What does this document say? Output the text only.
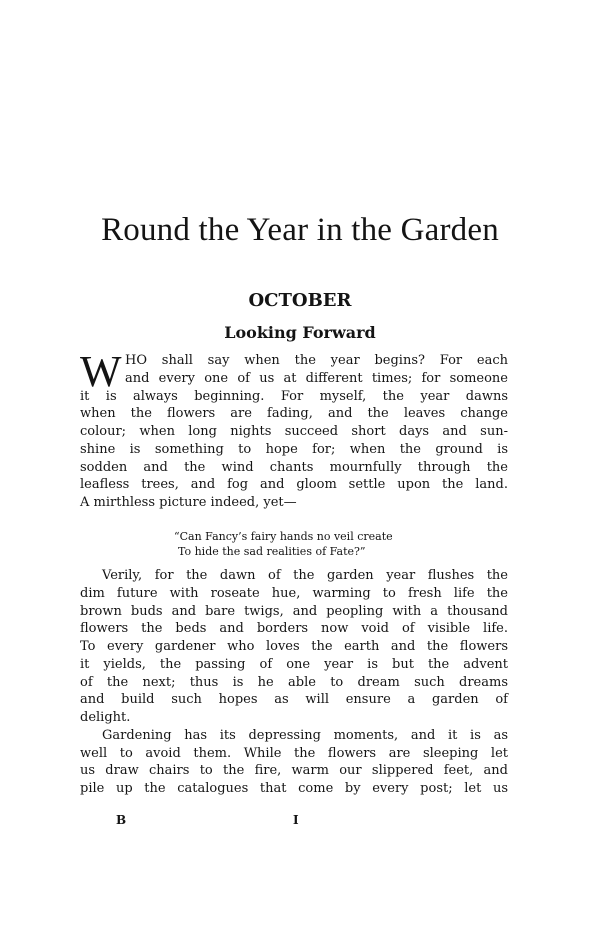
Round the Year in the Garden
OCTOBER
Looking Forward
W HO shall say when the year begins? For each
and every one of us at different times; for someone
it is always beginning. For myself, the year dawns
when the flowers are fading, and the leaves change
colour; when long nights succeed short days and sun-
shine is something to hope for; when the ground is
sodden and the wind chants mournfully through the
leafless trees, and fog and gloom settle upon the land.
A mirthless picture indeed, yet—
“Can Fancy’s fairy hands no veil create
To hide the sad realities of Fate?”
Verily, for the dawn of the garden year flushes the
dim future with roseate hue, warming to fresh life the
brown buds and bare twigs, and peopling with a thousand
flowers the beds and borders now void of visible life.
To every gardener who loves the earth and the flowers
it yields, the passing of one year is but the advent
of the next; thus is he able to dream such dreams
and build such hopes as will ensure a garden of
delight.
Gardening has its depressing moments, and it is as
well to avoid them. While the flowers are sleeping let
us draw chairs to the fire, warm our slippered feet, and
pile up the catalogues that come by every post; let us
B	I
